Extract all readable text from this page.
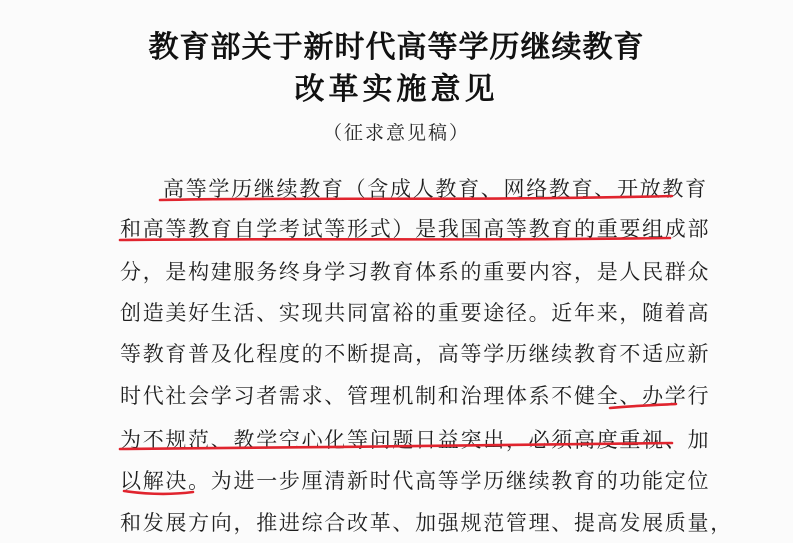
教育部关于新时代高等学历继续教育
改革实施意见
（征求意见稿）
高等学历继续教育（含成人教育、网络教育、开放教育
和高等教育自学考试等形式）是我国高等教育的重要组成部
分，是构建服务终身学习教育体系的重要内容，是人民群众
创造美好生活、实现共同富裕的重要途径。近年来，随着高
等教育普及化程度的不断提高，高等学历继续教育不适应新
时代社会学习者需求、管理机制和治理体系不健全、办学行
为不规范、教学空心化等问题日益突出，必须高度重视、加
以解决。为进一步厘清新时代高等学历继续教育的功能定位
和发展方向，推进综合改革、加强规范管理、提高发展质量，
